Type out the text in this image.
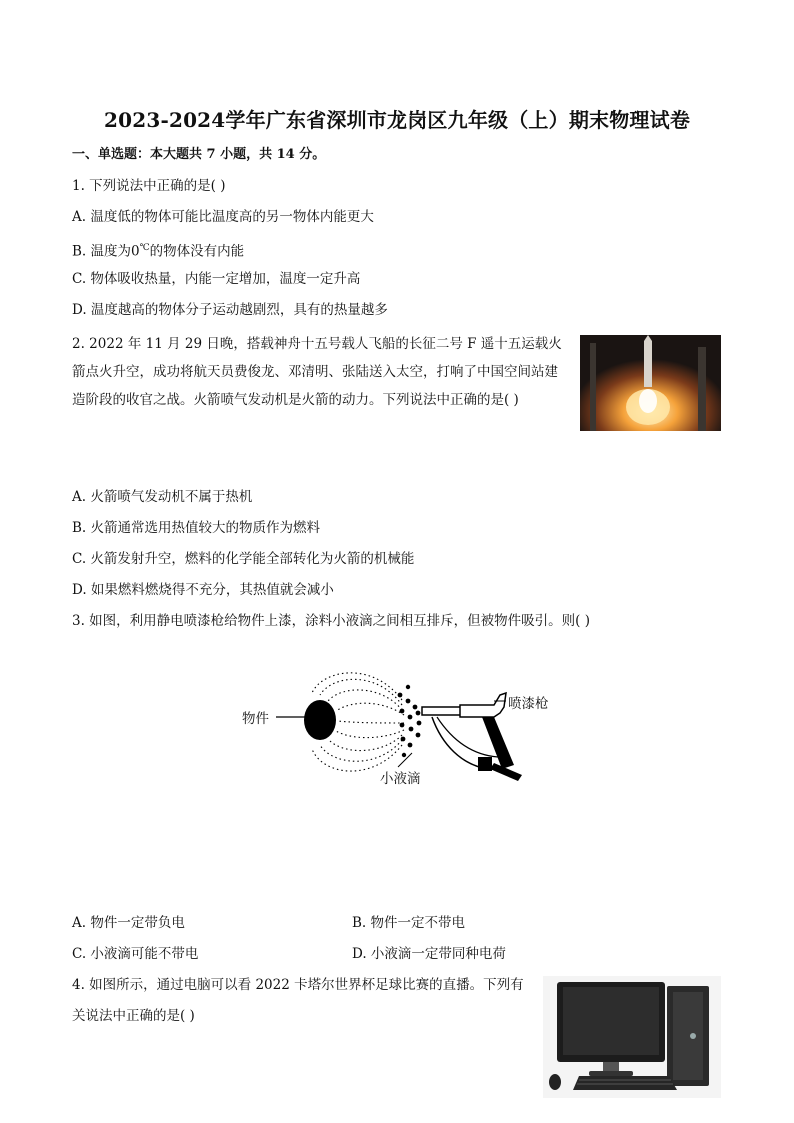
2023-2024学年广东省深圳市龙岗区九年级（上）期末物理试卷
一、单选题：本大题共 7 小题，共 14 分。
1. 下列说法中正确的是( )
A. 温度低的物体可能比温度高的另一物体内能更大
B. 温度为0℃的物体没有内能
C. 物体吸收热量，内能一定增加，温度一定升高
D. 温度越高的物体分子运动越剧烈，具有的热量越多
2. 2022 年 11 月 29 日晚，搭载神舟十五号载人飞船的长征二号 F 遥十五运载火箭点火升空，成功将航天员费俊龙、邓清明、张陆送入太空，打响了中国空间站建造阶段的收官之战。火箭喷气发动机是火箭的动力。下列说法中正确的是( )
A. 火箭喷气发动机不属于热机
B. 火箭通常选用热值较大的物质作为燃料
C. 火箭发射升空，燃料的化学能全部转化为火箭的机械能
D. 如果燃料燃烧得不充分，其热值就会减小
3. 如图，利用静电喷漆枪给物件上漆，涂料小液滴之间相互排斥，但被物件吸引。则( )
物件
喷漆枪
小液滴
A. 物件一定带负电	B. 物件一定不带电
C. 小液滴可能不带电	D. 小液滴一定带同种电荷
4. 如图所示，通过电脑可以看 2022 卡塔尔世界杯足球比赛的直播。下列有
关说法中正确的是( )
